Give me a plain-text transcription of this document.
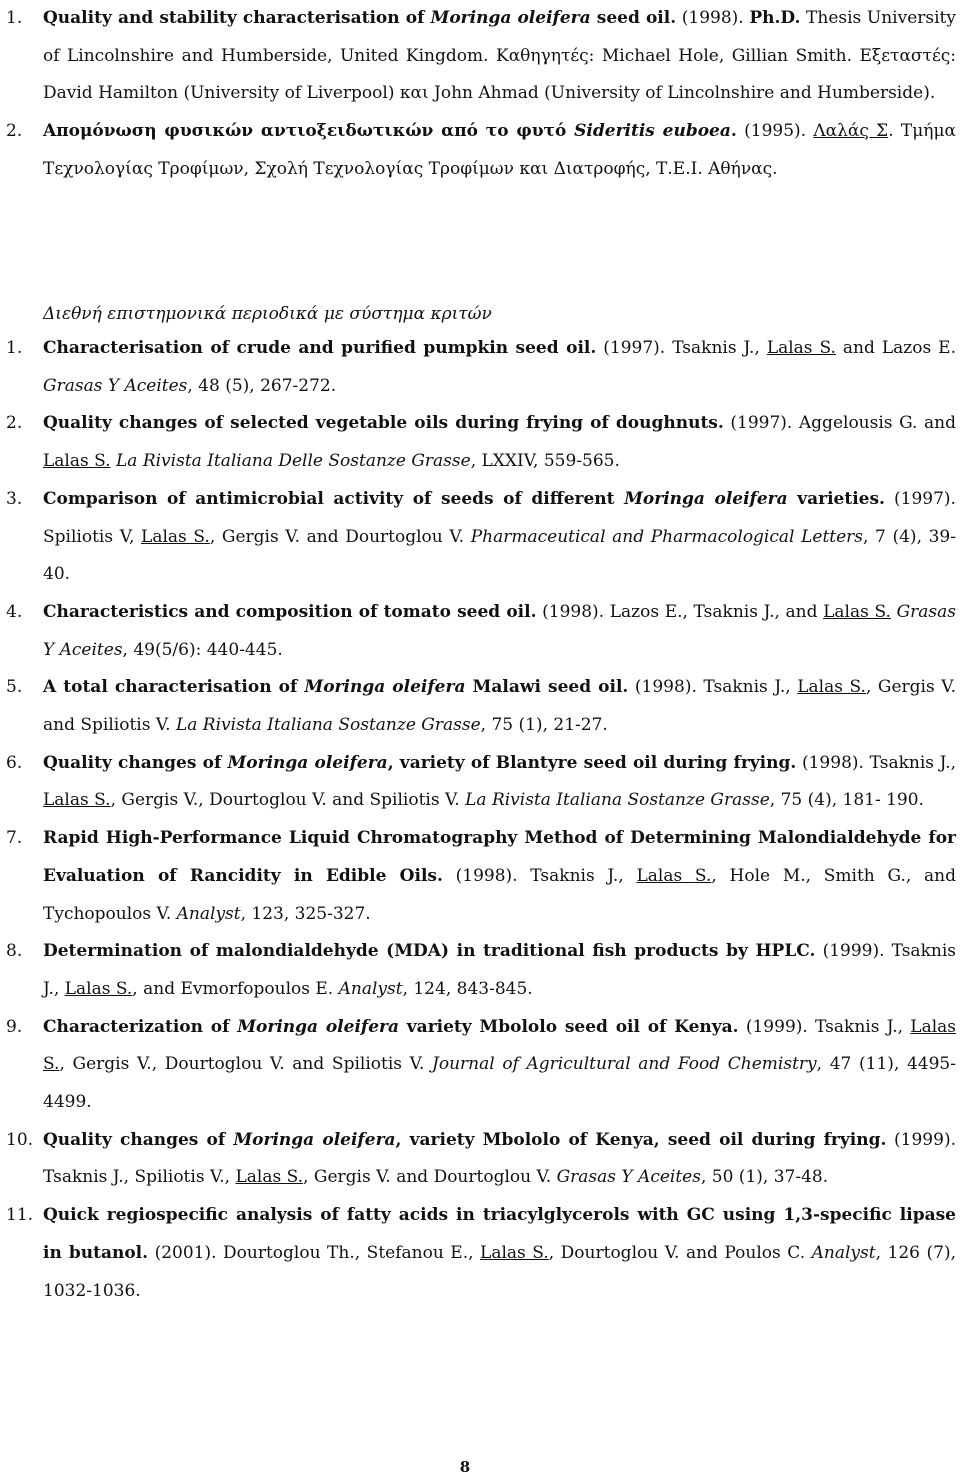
1. Quality and stability characterisation of Moringa oleifera seed oil. (1998). Ph.D. Thesis University of Lincolnshire and Humberside, United Kingdom. Καθηγητές: Michael Hole, Gillian Smith. Εξεταστές: David Hamilton (University of Liverpool) και John Ahmad (University of Lincolnshire and Humberside).
2. Απομόνωση φυσικών αντιοξειδωτικών από το φυτό Sideritis euboea. (1995). Λαλάς Σ. Τμήμα Τεχνολογίας Τροφίμων, Σχολή Τεχνολογίας Τροφίμων και Διατροφής, Τ.Ε.Ι. Αθήνας.
Διεθνή επιστημονικά περιοδικά με σύστημα κριτών
1. Characterisation of crude and purified pumpkin seed oil. (1997). Tsaknis J., Lalas S. and Lazos E. Grasas Y Aceites, 48 (5), 267-272.
2. Quality changes of selected vegetable oils during frying of doughnuts. (1997). Aggelousis G. and Lalas S. La Rivista Italiana Delle Sostanze Grasse, LXXIV, 559-565.
3. Comparison of antimicrobial activity of seeds of different Moringa oleifera varieties. (1997). Spiliotis V, Lalas S., Gergis V. and Dourtoglou V. Pharmaceutical and Pharmacological Letters, 7 (4), 39-40.
4. Characteristics and composition of tomato seed oil. (1998). Lazos E., Tsaknis J., and Lalas S. Grasas Y Aceites, 49(5/6): 440-445.
5. A total characterisation of Moringa oleifera Malawi seed oil. (1998). Tsaknis J., Lalas S., Gergis V. and Spiliotis V. La Rivista Italiana Sostanze Grasse, 75 (1), 21-27.
6. Quality changes of Moringa oleifera, variety of Blantyre seed oil during frying. (1998). Tsaknis J., Lalas S., Gergis V., Dourtoglou V. and Spiliotis V. La Rivista Italiana Sostanze Grasse, 75 (4), 181- 190.
7. Rapid High-Performance Liquid Chromatography Method of Determining Malondialdehyde for Evaluation of Rancidity in Edible Oils. (1998). Tsaknis J., Lalas S., Hole M., Smith G., and Tychopoulos V. Analyst, 123, 325-327.
8. Determination of malondialdehyde (MDA) in traditional fish products by HPLC. (1999). Tsaknis J., Lalas S., and Evmorfopoulos E. Analyst, 124, 843-845.
9. Characterization of Moringa oleifera variety Mbololo seed oil of Kenya. (1999). Tsaknis J., Lalas S., Gergis V., Dourtoglou V. and Spiliotis V. Journal of Agricultural and Food Chemistry, 47 (11), 4495-4499.
10. Quality changes of Moringa oleifera, variety Mbololo of Kenya, seed oil during frying. (1999). Tsaknis J., Spiliotis V., Lalas S., Gergis V. and Dourtoglou V. Grasas Y Aceites, 50 (1), 37-48.
11. Quick regiospecific analysis of fatty acids in triacylglycerols with GC using 1,3-specific lipase in butanol. (2001). Dourtoglou Th., Stefanou E., Lalas S., Dourtoglou V. and Poulos C. Analyst, 126 (7), 1032-1036.
8
